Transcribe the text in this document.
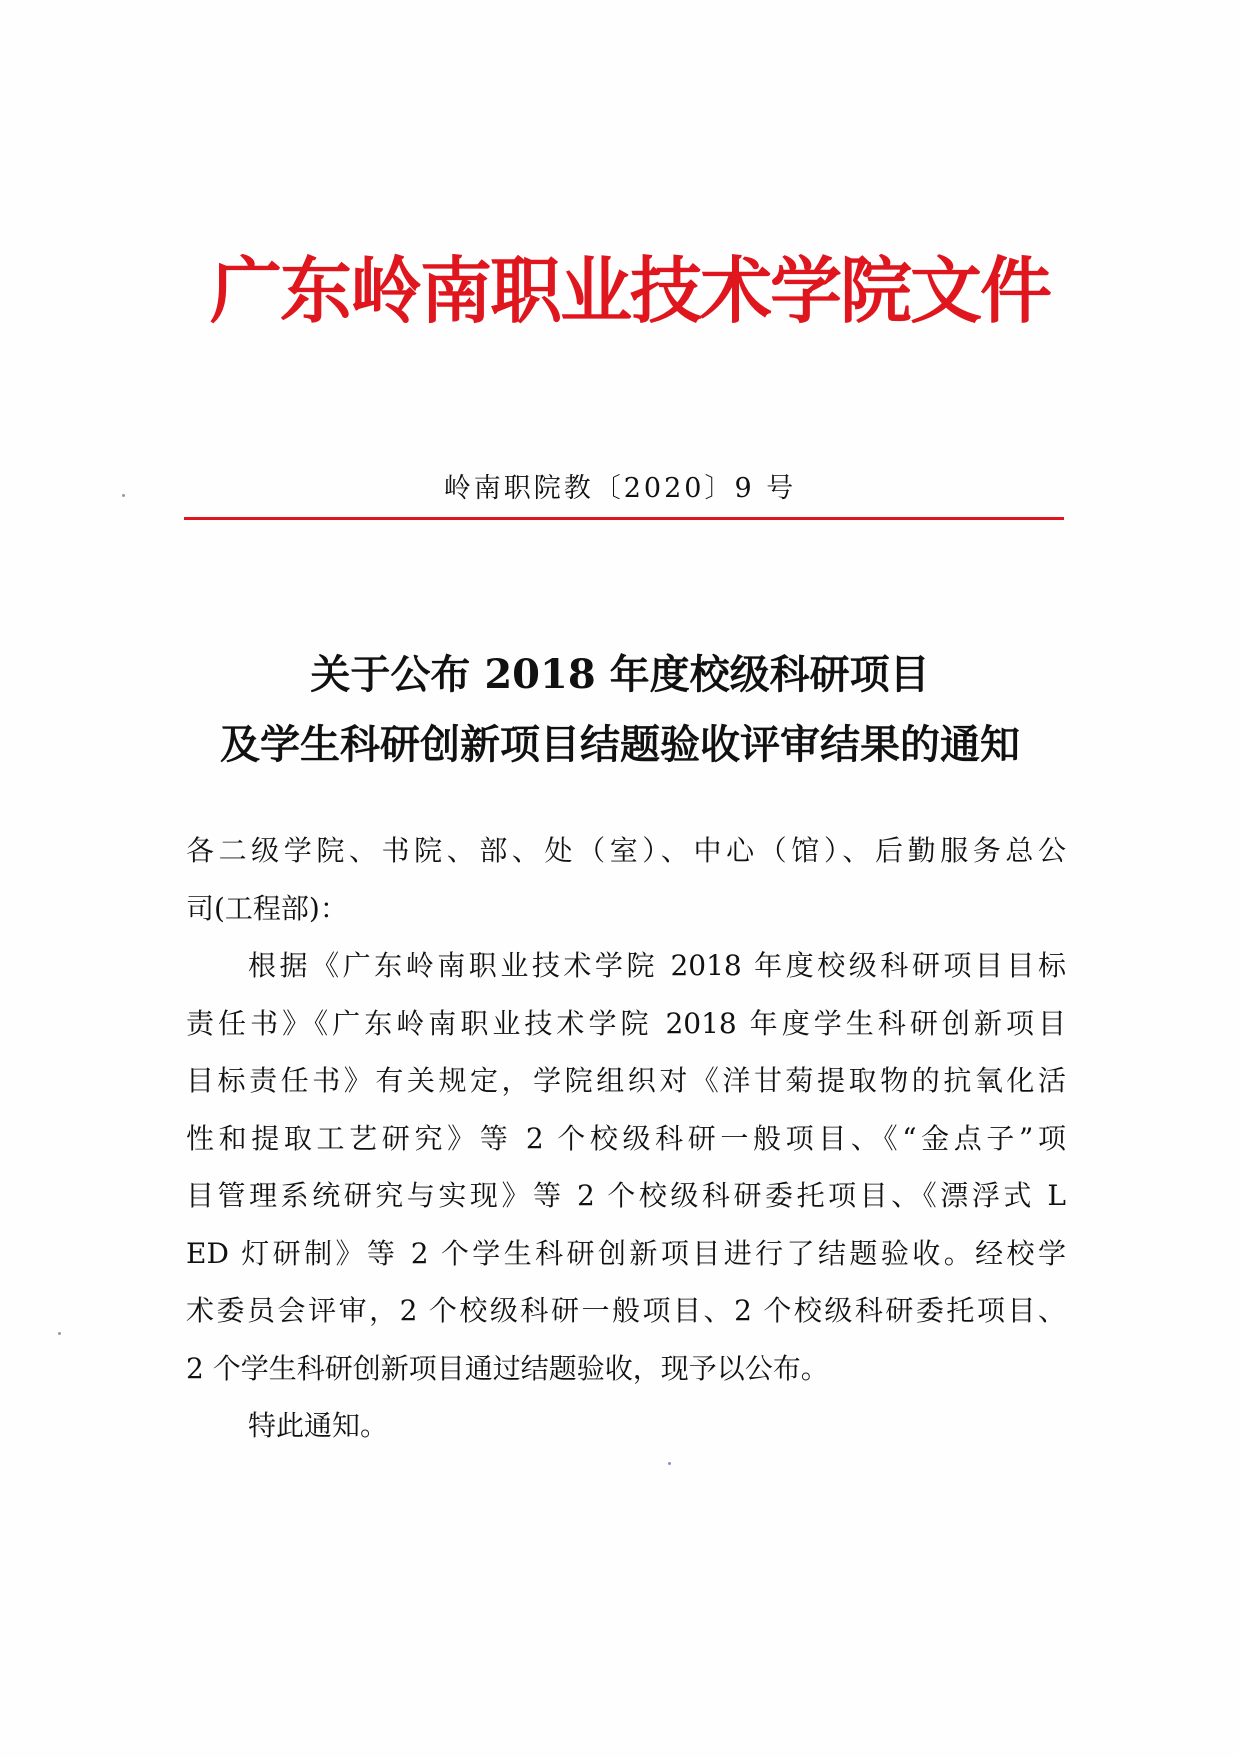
广东岭南职业技术学院文件
岭南职院教〔2020〕9 号
关于公布 2018 年度校级科研项目
及学生科研创新项目结题验收评审结果的通知
各二级学院、书院、部、处（室）、中心（馆）、后勤服务总公
司(工程部)：
根据《广东岭南职业技术学院 2018 年度校级科研项目目标
责任书》《广东岭南职业技术学院 2018 年度学生科研创新项目
目标责任书》有关规定，学院组织对《洋甘菊提取物的抗氧化活
性和提取工艺研究》等 2 个校级科研一般项目、《“金点子”项
目管理系统研究与实现》等 2 个校级科研委托项目、《漂浮式 L
ED 灯研制》等 2 个学生科研创新项目进行了结题验收。经校学
术委员会评审，2 个校级科研一般项目、2 个校级科研委托项目、
2 个学生科研创新项目通过结题验收，现予以公布。
特此通知。
